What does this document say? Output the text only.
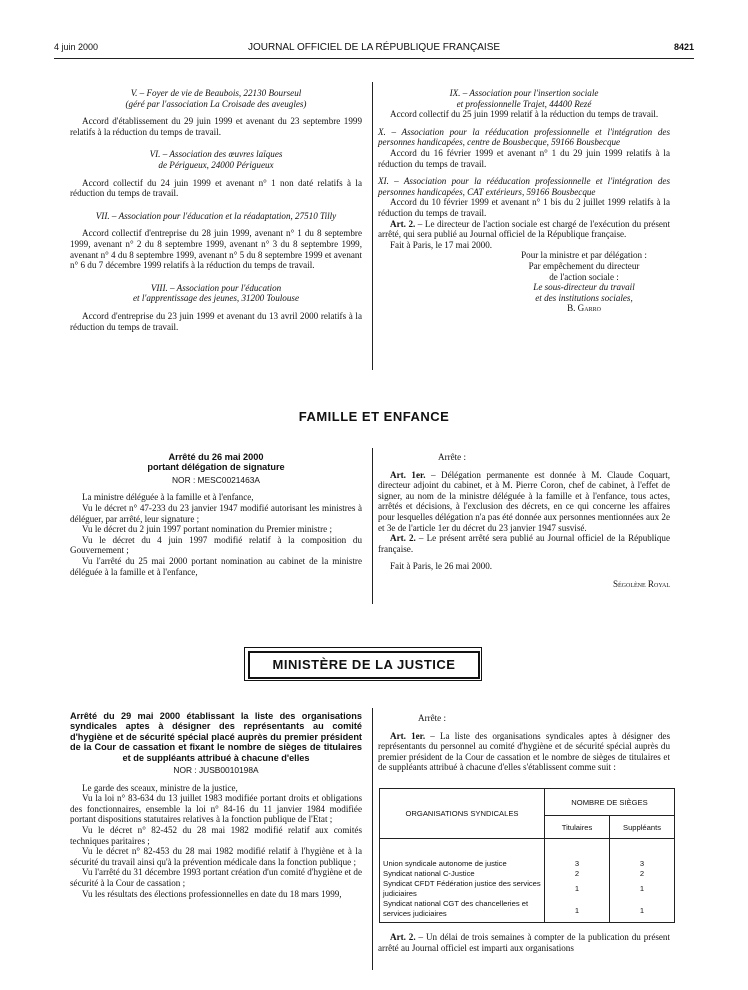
4 juin 2000	JOURNAL OFFICIEL DE LA RÉPUBLIQUE FRANÇAISE	8421

V. – Foyer de vie de Beaubois, 22130 Bourseul

(géré par l'association La Croisade des aveugles)

Accord d'établissement du 29 juin 1999 et avenant du 23 septembre 1999 relatifs à la réduction du temps de travail.

VI. – Association des œuvres laïques

de Périgueux, 24000 Périgueux

Accord collectif du 24 juin 1999 et avenant n° 1 non daté relatifs à la réduction du temps de travail.

VII. – Association pour l'éducation et la réadaptation, 27510 Tilly

Accord collectif d'entreprise du 28 juin 1999, avenant n° 1 du 8 septembre 1999, avenant n° 2 du 8 septembre 1999, avenant n° 3 du 8 septembre 1999, avenant n° 4 du 8 septembre 1999, avenant n° 5 du 8 septembre 1999 et avenant n° 6 du 7 décembre 1999 relatifs à la réduction du temps de travail.

VIII. – Association pour l'éducation

et l'apprentissage des jeunes, 31200 Toulouse

Accord d'entreprise du 23 juin 1999 et avenant du 13 avril 2000 relatifs à la réduction du temps de travail.

IX. – Association pour l'insertion sociale

et professionnelle Trajet, 44400 Rezé

Accord collectif du 25 juin 1999 relatif à la réduction du temps de travail.

X. – Association pour la rééducation professionnelle et l'intégration des personnes handicapées, centre de Bousbecque, 59166 Bousbecque

Accord du 16 février 1999 et avenant n° 1 du 29 juin 1999 relatifs à la réduction du temps de travail.

XI. – Association pour la rééducation professionnelle et l'intégration des personnes handicapées, CAT extérieurs, 59166 Bousbecque

Accord du 10 février 1999 et avenant n° 1 bis du 2 juillet 1999 relatifs à la réduction du temps de travail.

Art. 2. – Le directeur de l'action sociale est chargé de l'exécution du présent arrêté, qui sera publié au Journal officiel de la République française.

Fait à Paris, le 17 mai 2000.

Pour la ministre et par délégation :

Par empêchement du directeur

de l'action sociale :

Le sous-directeur du travail

et des institutions sociales,

B. Garro

FAMILLE ET ENFANCE

Arrêté du 26 mai 2000

portant délégation de signature

NOR : MESC0021463A

La ministre déléguée à la famille et à l'enfance,

Vu le décret n° 47-233 du 23 janvier 1947 modifié autorisant les ministres à déléguer, par arrêté, leur signature ;

Vu le décret du 2 juin 1997 portant nomination du Premier ministre ;

Vu le décret du 4 juin 1997 modifié relatif à la composition du Gouvernement ;

Vu l'arrêté du 25 mai 2000 portant nomination au cabinet de la ministre déléguée à la famille et à l'enfance,

Arrête :

Art. 1er. – Délégation permanente est donnée à M. Claude Coquart, directeur adjoint du cabinet, et à M. Pierre Coron, chef de cabinet, à l'effet de signer, au nom de la ministre déléguée à la famille et à l'enfance, tous actes, arrêtés et décisions, à l'exclusion des décrets, en ce qui concerne les affaires pour lesquelles délégation n'a pas été donnée aux personnes mentionnées aux 2e et 3e de l'article 1er du décret du 23 janvier 1947 susvisé.

Art. 2. – Le présent arrêté sera publié au Journal officiel de la République française.

Fait à Paris, le 26 mai 2000.

Ségolène Royal

MINISTÈRE DE LA JUSTICE

Arrêté du 29 mai 2000 établissant la liste des organisations syndicales aptes à désigner des représentants au comité d'hygiène et de sécurité spécial placé auprès du premier président de la Cour de cassation et fixant le nombre de sièges de titulaires et de suppléants attribué à chacune d'elles

NOR : JUSB0010198A

Le garde des sceaux, ministre de la justice,

Vu la loi n° 83-634 du 13 juillet 1983 modifiée portant droits et obligations des fonctionnaires, ensemble la loi n° 84-16 du 11 janvier 1984 modifiée portant dispositions statutaires relatives à la fonction publique de l'Etat ;

Vu le décret n° 82-452 du 28 mai 1982 modifié relatif aux comités techniques paritaires ;

Vu le décret n° 82-453 du 28 mai 1982 modifié relatif à l'hygiène et à la sécurité du travail ainsi qu'à la prévention médicale dans la fonction publique ;

Vu l'arrêté du 31 décembre 1993 portant création d'un comité d'hygiène et de sécurité à la Cour de cassation ;

Vu les résultats des élections professionnelles en date du 18 mars 1999,

Arrête :

Art. 1er. – La liste des organisations syndicales aptes à désigner des représentants du personnel au comité d'hygiène et de sécurité spécial auprès du premier président de la Cour de cassation et le nombre de sièges de titulaires et de suppléants attribué à chacune d'elles s'établissent comme suit :

ORGANISATIONS SYNDICALES	NOMBRE DE SIÈGES	
	Titulaires	Suppléants
Union syndicale autonome de justice	3	3
Syndicat national C-Justice	2	2
Syndicat CFDT Fédération justice des services judiciaires	1	1
Syndicat national CGT des chancelleries et services judiciaires	1	1

Art. 2. – Un délai de trois semaines à compter de la publication du présent arrêté au Journal officiel est imparti aux organisations
